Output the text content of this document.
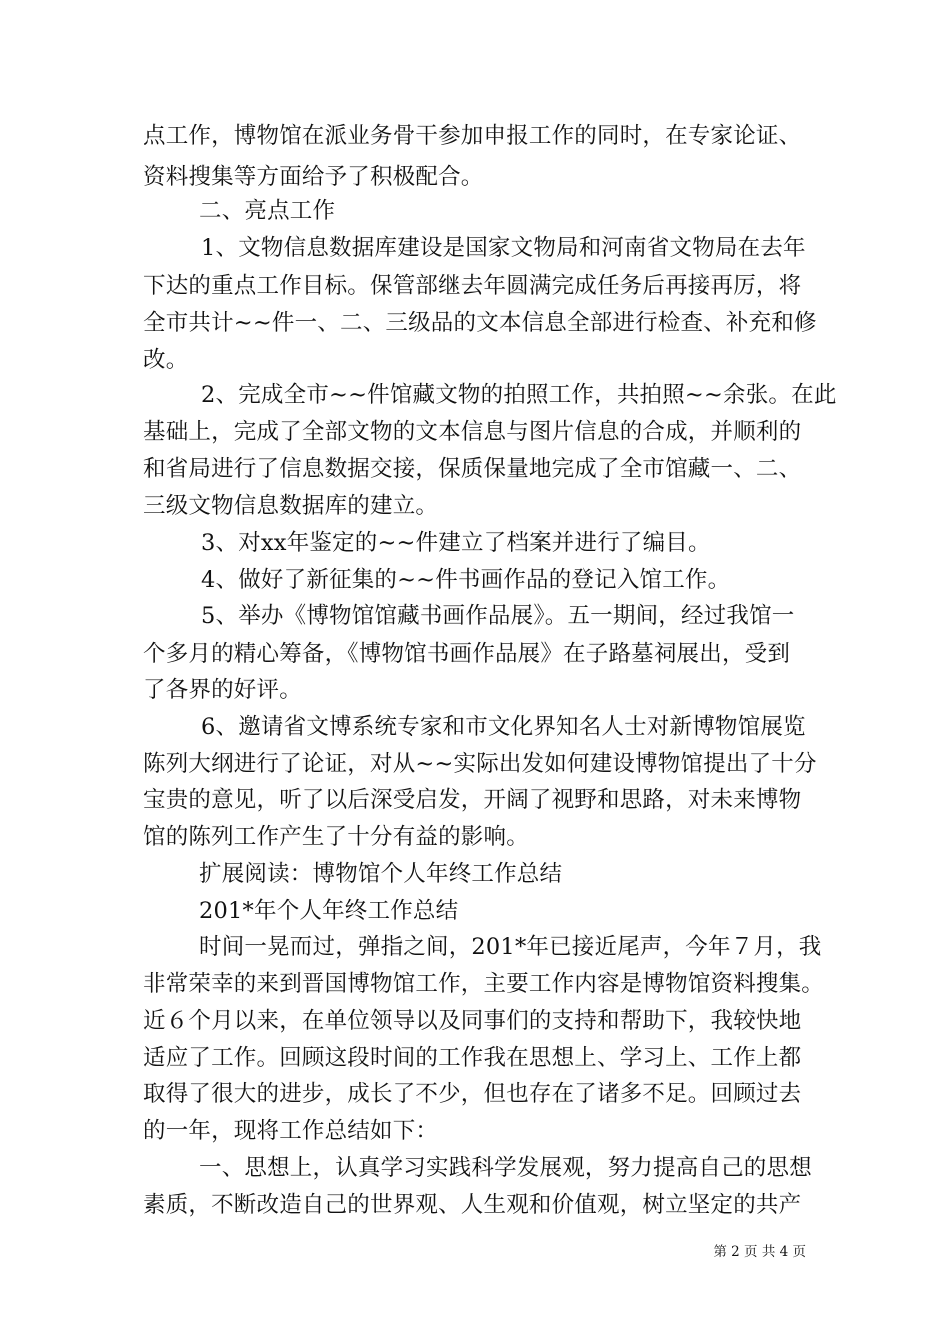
点工作，博物馆在派业务骨干参加申报工作的同时，在专家论证、
资料搜集等方面给予了积极配合。
二、亮点工作
1、文物信息数据库建设是国家文物局和河南省文物局在去年
下达的重点工作目标。保管部继去年圆满完成任务后再接再厉，将
全市共计~~件一、二、三级品的文本信息全部进行检查、补充和修
改。
2、完成全市~~件馆藏文物的拍照工作，共拍照~~余张。在此
基础上，完成了全部文物的文本信息与图片信息的合成，并顺利的
和省局进行了信息数据交接，保质保量地完成了全市馆藏一、二、
三级文物信息数据库的建立。
3、对xx年鉴定的~~件建立了档案并进行了编目。
4、做好了新征集的~~件书画作品的登记入馆工作。
5、举办《博物馆馆藏书画作品展》。五一期间，经过我馆一
个多月的精心筹备，《博物馆书画作品展》在子路墓祠展出，受到
了各界的好评。
6、邀请省文博系统专家和市文化界知名人士对新博物馆展览
陈列大纲进行了论证，对从~~实际出发如何建设博物馆提出了十分
宝贵的意见，听了以后深受启发，开阔了视野和思路，对未来博物
馆的陈列工作产生了十分有益的影响。
扩展阅读：博物馆个人年终工作总结
201*年个人年终工作总结
时间一晃而过，弹指之间，201*年已接近尾声，今年７月，我
非常荣幸的来到晋国博物馆工作，主要工作内容是博物馆资料搜集。
近６个月以来，在单位领导以及同事们的支持和帮助下，我较快地
适应了工作。回顾这段时间的工作我在思想上、学习上、工作上都
取得了很大的进步，成长了不少，但也存在了诸多不足。回顾过去
的一年，现将工作总结如下：
一、思想上，认真学习实践科学发展观，努力提高自己的思想
素质，不断改造自己的世界观、人生观和价值观，树立坚定的共产
第 2 页 共 4 页
